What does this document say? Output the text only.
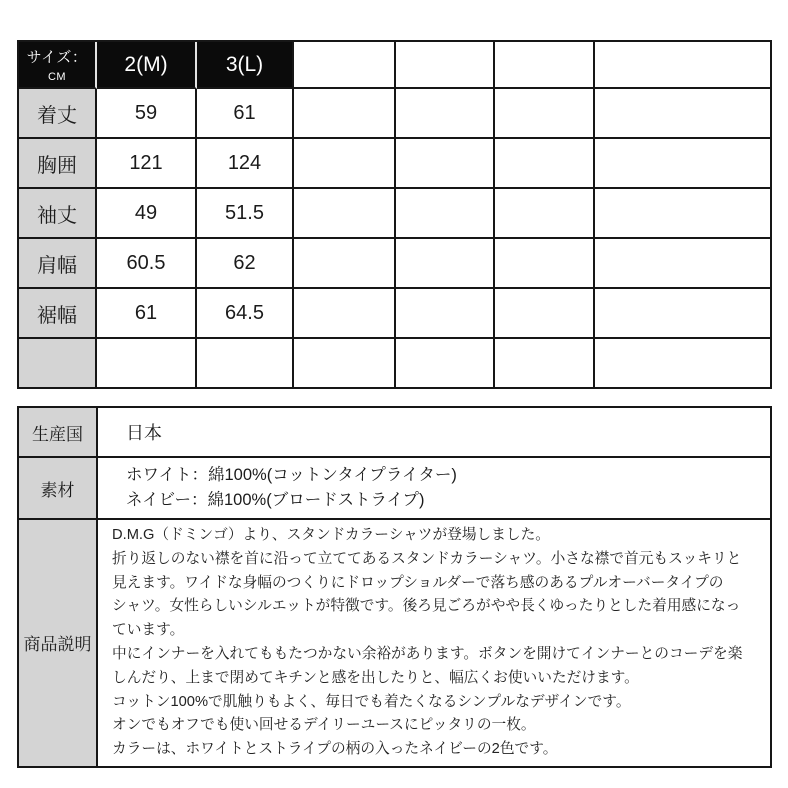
サイズ：CM	2(M)	3(L)				
着丈	59	61				
胸囲	121	124				
袖丈	49	51.5				
肩幅	60.5	62				
裾幅	61	64.5				

生産国	日本

素材	ホワイト：綿100%(コットンタイプライター)
ネイビー：綿100%(ブロードストライプ)

商品説明	
D.M.G（ドミンゴ）より、スタンドカラーシャツが登場しました。
折り返しのない襟を首に沿って立ててあるスタンドカラーシャツ。小さな襟で首元もスッキリと
見えます。ワイドな身幅のつくりにドロップショルダーで落ち感のあるプルオーバータイプの
シャツ。女性らしいシルエットが特徴です。後ろ見ごろがやや長くゆったりとした着用感になっ
ています。
中にインナーを入れてももたつかない余裕があります。ボタンを開けてインナーとのコーデを楽
しんだり、上まで閉めてキチンと感を出したりと、幅広くお使いいただけます。
コットン100%で肌触りもよく、毎日でも着たくなるシンプルなデザインです。
オンでもオフでも使い回せるデイリーユースにピッタリの一枚。
カラーは、ホワイトとストライプの柄の入ったネイビーの2色です。
